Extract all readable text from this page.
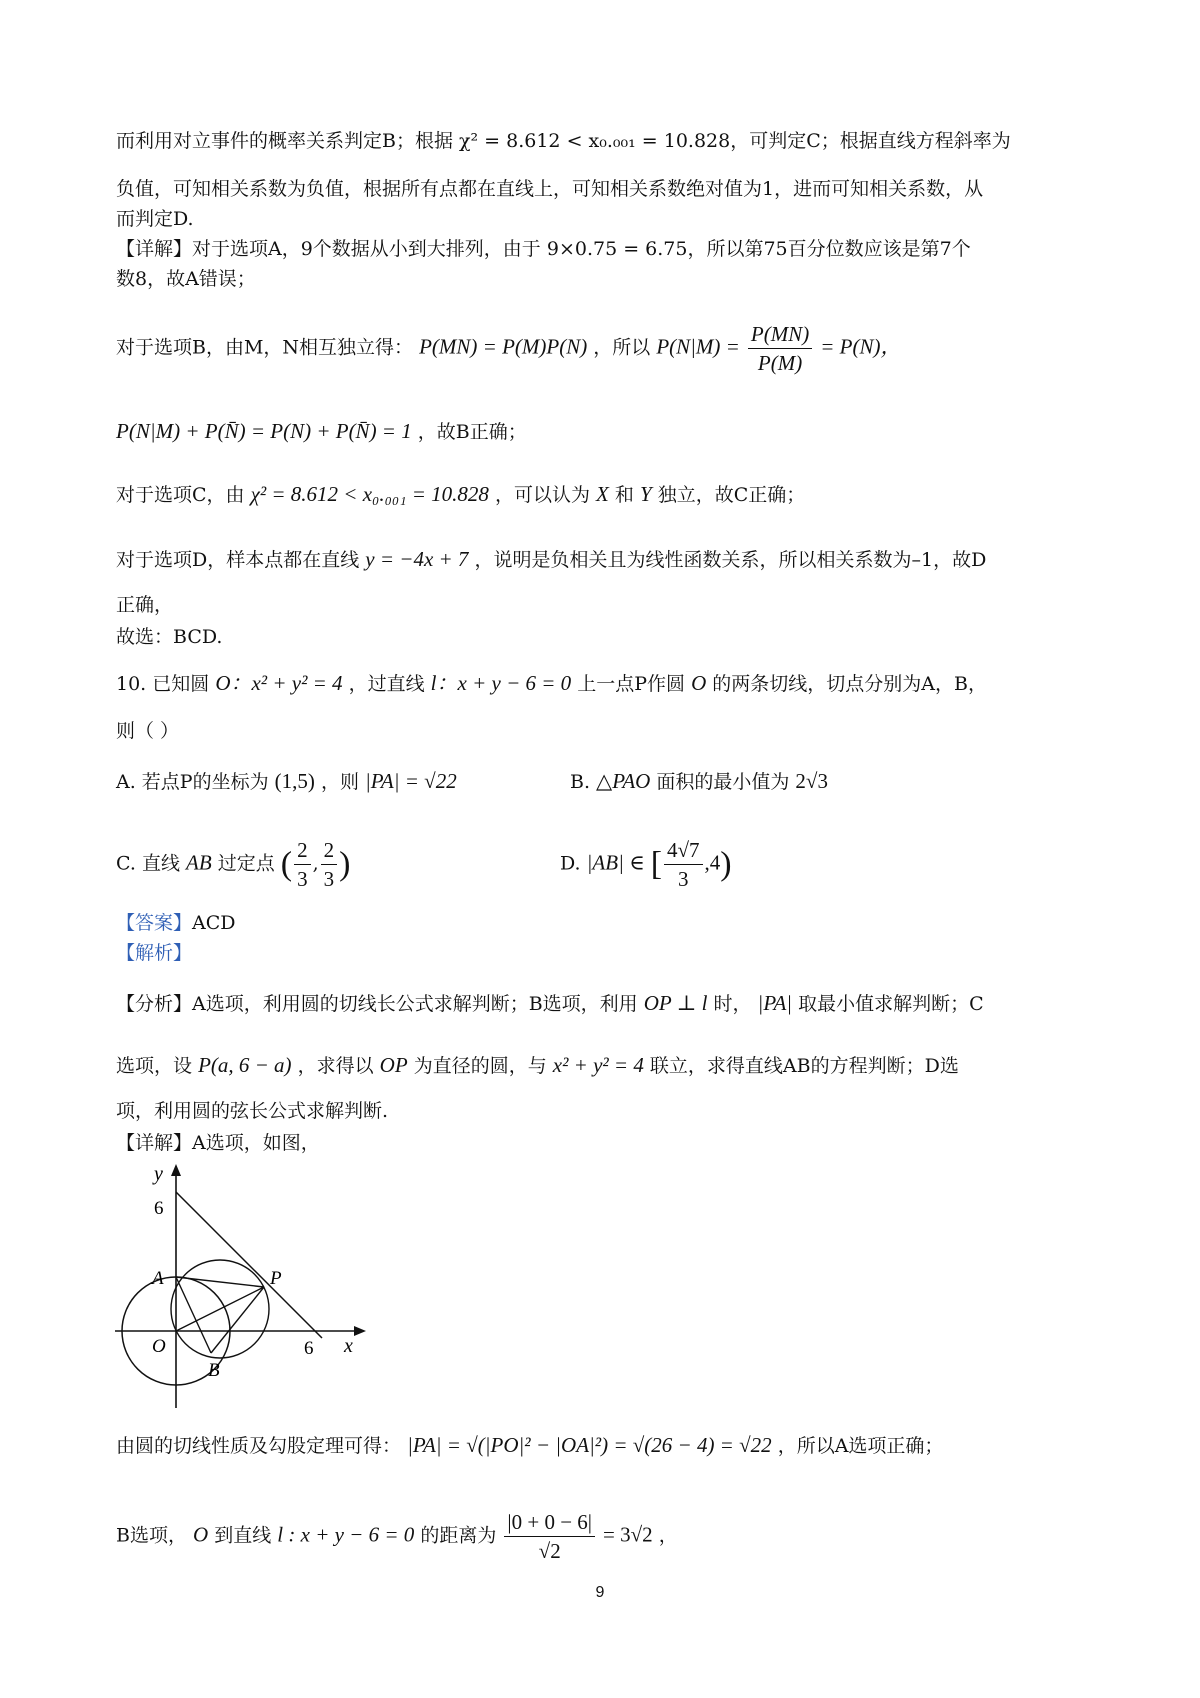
而利用对立事件的概率关系判定B；根据 χ² = 8.612 < x₀.₀₀₁ = 10.828，可判定C；根据直线方程斜率为
负值，可知相关系数为负值，根据所有点都在直线上，可知相关系数绝对值为1，进而可知相关系数，从
而判定D.
【详解】对于选项A，9个数据从小到大排列，由于 9×0.75 = 6.75，所以第75百分位数应该是第7个
数8，故A错误；
对于选项B，由M，N相互独立得： P(MN) = P(M)P(N) ，所以 $P(N|M) = \frac{P(MN)}{P(M)} = P(N)$，
P(N|M) + P(N̄) = P(N) + P(N̄) = 1 ，故B正确；
对于选项C，由 χ² = 8.612 < x₀.₀₀₁ = 10.828 ，可以认为 X 和 Y 独立，故C正确；
对于选项D，样本点都在直线 y = −4x + 7 ，说明是负相关且为线性函数关系，所以相关系数为–1，故D
正确，
故选：BCD.
10. 已知圆 O：x² + y² = 4 ，过直线 l：x + y − 6 = 0 上一点P作圆 O 的两条切线，切点分别为A，B，
则（ ）
A. 若点P的坐标为 (1,5) ，则 |PA| = √22	B. △PAO 面积的最小值为 2√3
C. 直线 AB 过定点 ( $\frac{2}{3}$ , $\frac{2}{3}$ )	D. |AB| ∈ [ $\frac{4√7}{3} ,4$)
【答案】ACD
【解析】
【分析】A选项，利用圆的切线长公式求解判断；B选项，利用 OP ⊥ l 时， |PA| 取最小值求解判断；C
选项，设 P(a, 6 − a) ，求得以 OP 为直径的圆，与 x² + y² = 4 联立，求得直线AB的方程判断；D选
项，利用圆的弦长公式求解判断.
【详解】A选项，如图，
y
6
A	P
O
B
6 x
由圆的切线性质及勾股定理可得： |PA| = √(|PO|² − |OA|²) = √(26 − 4) = √22 ，所以A选项正确；
B选项， O 到直线 l : x + y − 6 = 0 的距离为 $\frac{|0 + 0 - 6|}{√2} = 3√2$ ，
9
